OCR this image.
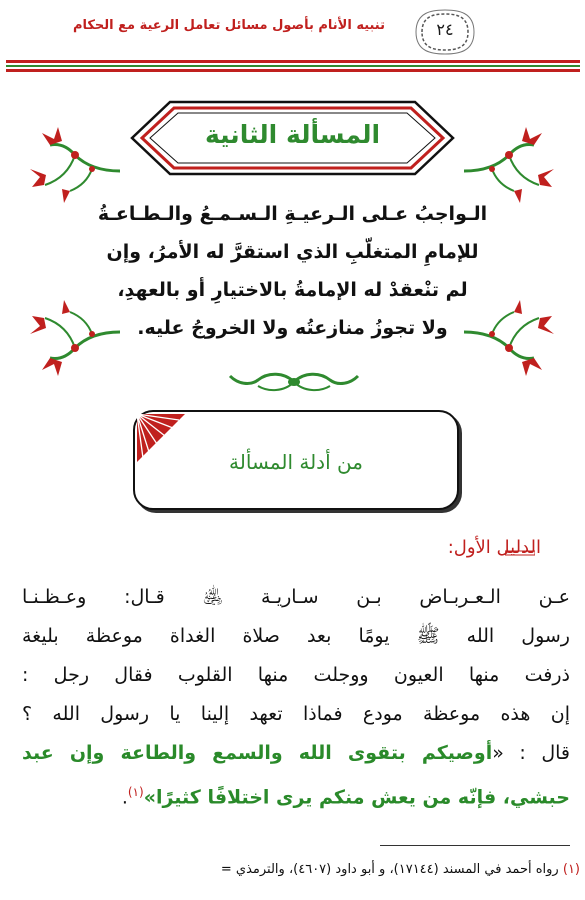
تنبيه الأنام بأصول مسائل تعامل الرعية مع الحكام	٢٤
المسألة الثانية
الـواجبُ عـلى الـرعيـةِ الـسـمـعُ والـطـاعـةُ
للإمامِ المتغلّبِ الذي استقرَّ له الأمرُ، وإن
لم تنْعقدْ له الإمامةُ بالاختيارِ أو بالعهدِ،
ولا تجوزُ منازعتُه ولا الخروجُ عليه.
من أدلة المسألة
الدليل الأول:
عـن الـعـربـاض بـن سـاريـة ﵁ قـال: وعـظـنـا
رسول الله ﷺ يومًا بعد صلاة الغداة موعظة بليغة
ذرفت منها العيون ووجلت منها القلوب فقال رجل :
إن هذه موعظة مودع فماذا تعهد إلينا يا رسول الله ؟
قال : «أوصيكم بتقوى الله والسمع والطاعة وإن عبد
حبشي، فإنّه من يعش منكم يرى اختلافًا كثيرًا»$^{(١)}$.
(١) رواه أحمد في المسند (١٧١٤٤)، و أبو داود (٤٦٠٧)، والترمذي =
